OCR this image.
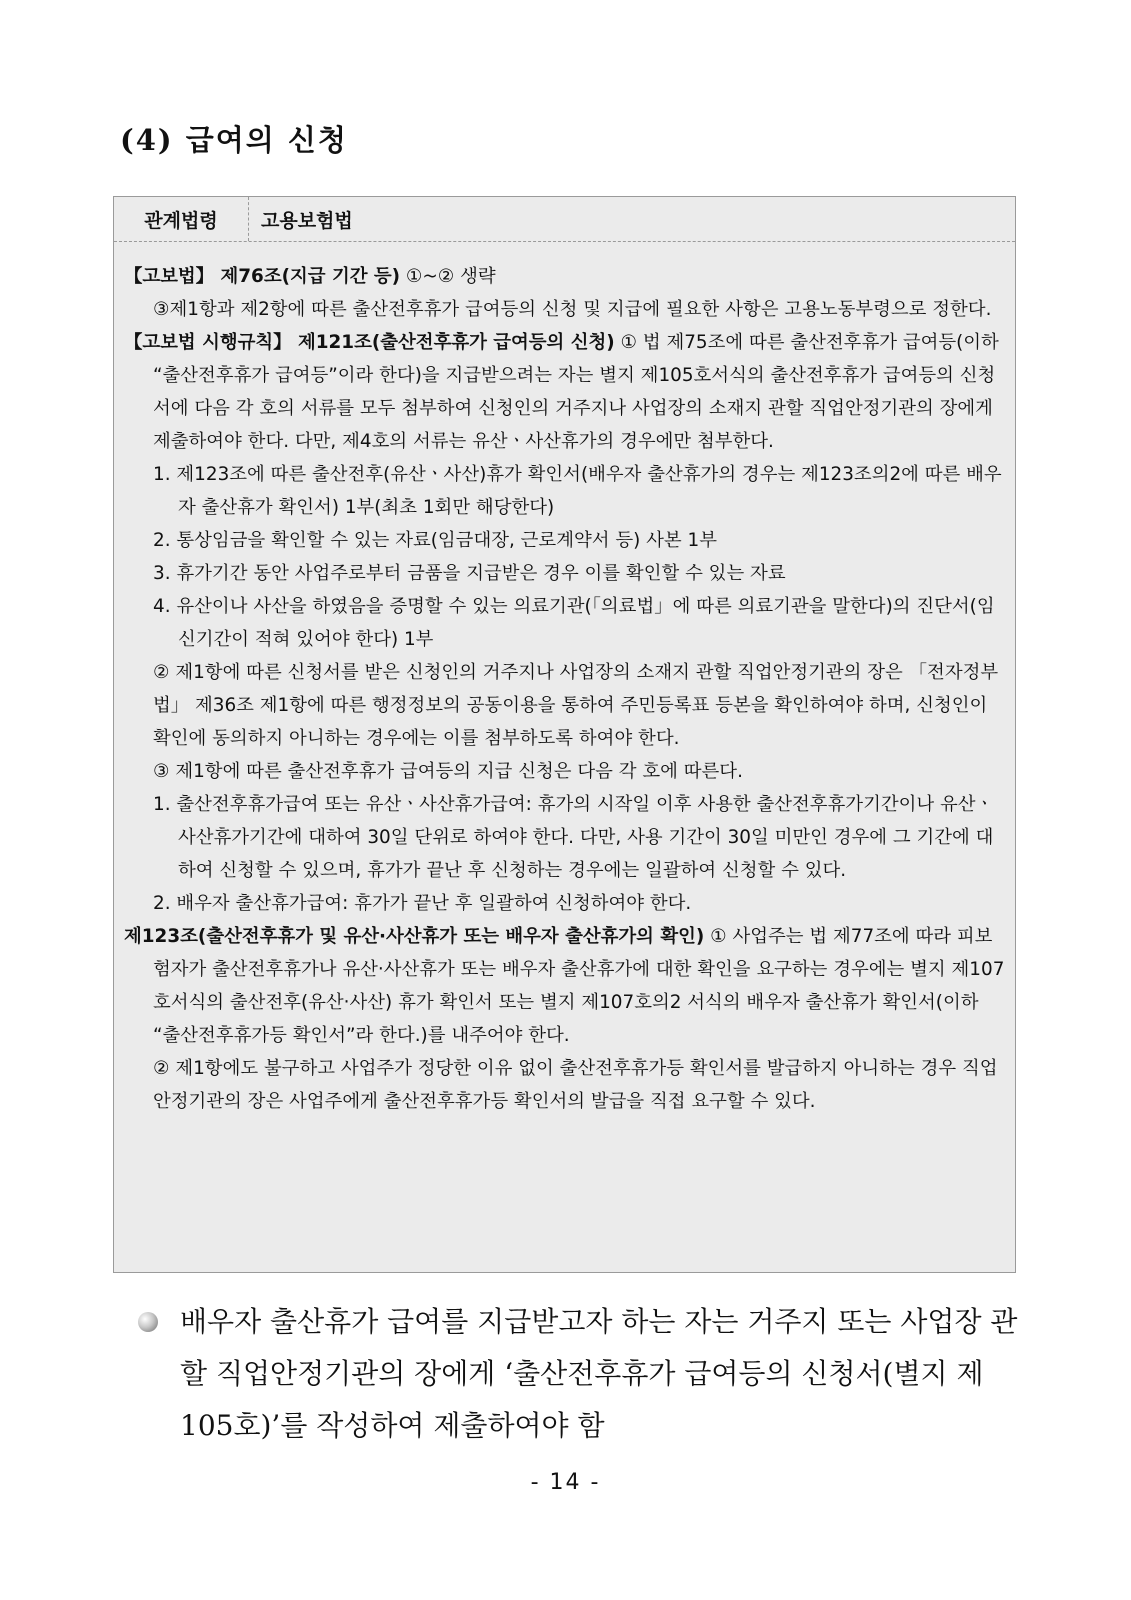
(4) 급여의 신청
관계법령	고용보험법

【고보법】 제76조(지급 기간 등) ①~② 생략

③제1항과 제2항에 따른 출산전후휴가 급여등의 신청 및 지급에 필요한 사항은 고용노동부령으로 정한다.

【고보법 시행규칙】 제121조(출산전후휴가 급여등의 신청) ① 법 제75조에 따른 출산전후휴가 급여등(이하 “출산전후휴가 급여등”이라 한다)을 지급받으려는 자는 별지 제105호서식의 출산전후휴가 급여등의 신청서에 다음 각 호의 서류를 모두 첨부하여 신청인의 거주지나 사업장의 소재지 관할 직업안정기관의 장에게 제출하여야 한다. 다만, 제4호의 서류는 유산ㆍ사산휴가의 경우에만 첨부한다.

1. 제123조에 따른 출산전후(유산ㆍ사산)휴가 확인서(배우자 출산휴가의 경우는 제123조의2에 따른 배우자 출산휴가 확인서) 1부(최초 1회만 해당한다)

2. 통상임금을 확인할 수 있는 자료(임금대장, 근로계약서 등) 사본 1부

3. 휴가기간 동안 사업주로부터 금품을 지급받은 경우 이를 확인할 수 있는 자료

4. 유산이나 사산을 하였음을 증명할 수 있는 의료기관(「의료법」에 따른 의료기관을 말한다)의 진단서(임신기간이 적혀 있어야 한다) 1부

② 제1항에 따른 신청서를 받은 신청인의 거주지나 사업장의 소재지 관할 직업안정기관의 장은 「전자정부법」 제36조 제1항에 따른 행정정보의 공동이용을 통하여 주민등록표 등본을 확인하여야 하며, 신청인이 확인에 동의하지 아니하는 경우에는 이를 첨부하도록 하여야 한다.

③ 제1항에 따른 출산전후휴가 급여등의 지급 신청은 다음 각 호에 따른다.

1. 출산전후휴가급여 또는 유산ㆍ사산휴가급여: 휴가의 시작일 이후 사용한 출산전후휴가기간이나 유산ㆍ사산휴가기간에 대하여 30일 단위로 하여야 한다. 다만, 사용 기간이 30일 미만인 경우에 그 기간에 대하여 신청할 수 있으며, 휴가가 끝난 후 신청하는 경우에는 일괄하여 신청할 수 있다.

2. 배우자 출산휴가급여: 휴가가 끝난 후 일괄하여 신청하여야 한다.

제123조(출산전후휴가 및 유산·사산휴가 또는 배우자 출산휴가의 확인) ① 사업주는 법 제77조에 따라 피보험자가 출산전후휴가나 유산·사산휴가 또는 배우자 출산휴가에 대한 확인을 요구하는 경우에는 별지 제107호서식의 출산전후(유산·사산) 휴가 확인서 또는 별지 제107호의2 서식의 배우자 출산휴가 확인서(이하 “출산전후휴가등 확인서”라 한다.)를 내주어야 한다.

② 제1항에도 불구하고 사업주가 정당한 이유 없이 출산전후휴가등 확인서를 발급하지 아니하는 경우 직업안정기관의 장은 사업주에게 출산전후휴가등 확인서의 발급을 직접 요구할 수 있다.

배우자 출산휴가 급여를 지급받고자 하는 자는 거주지 또는 사업장 관할 직업안정기관의 장에게 ‘출산전후휴가 급여등의 신청서(별지 제105호)’를 작성하여 제출하여야 함
- 14 -
